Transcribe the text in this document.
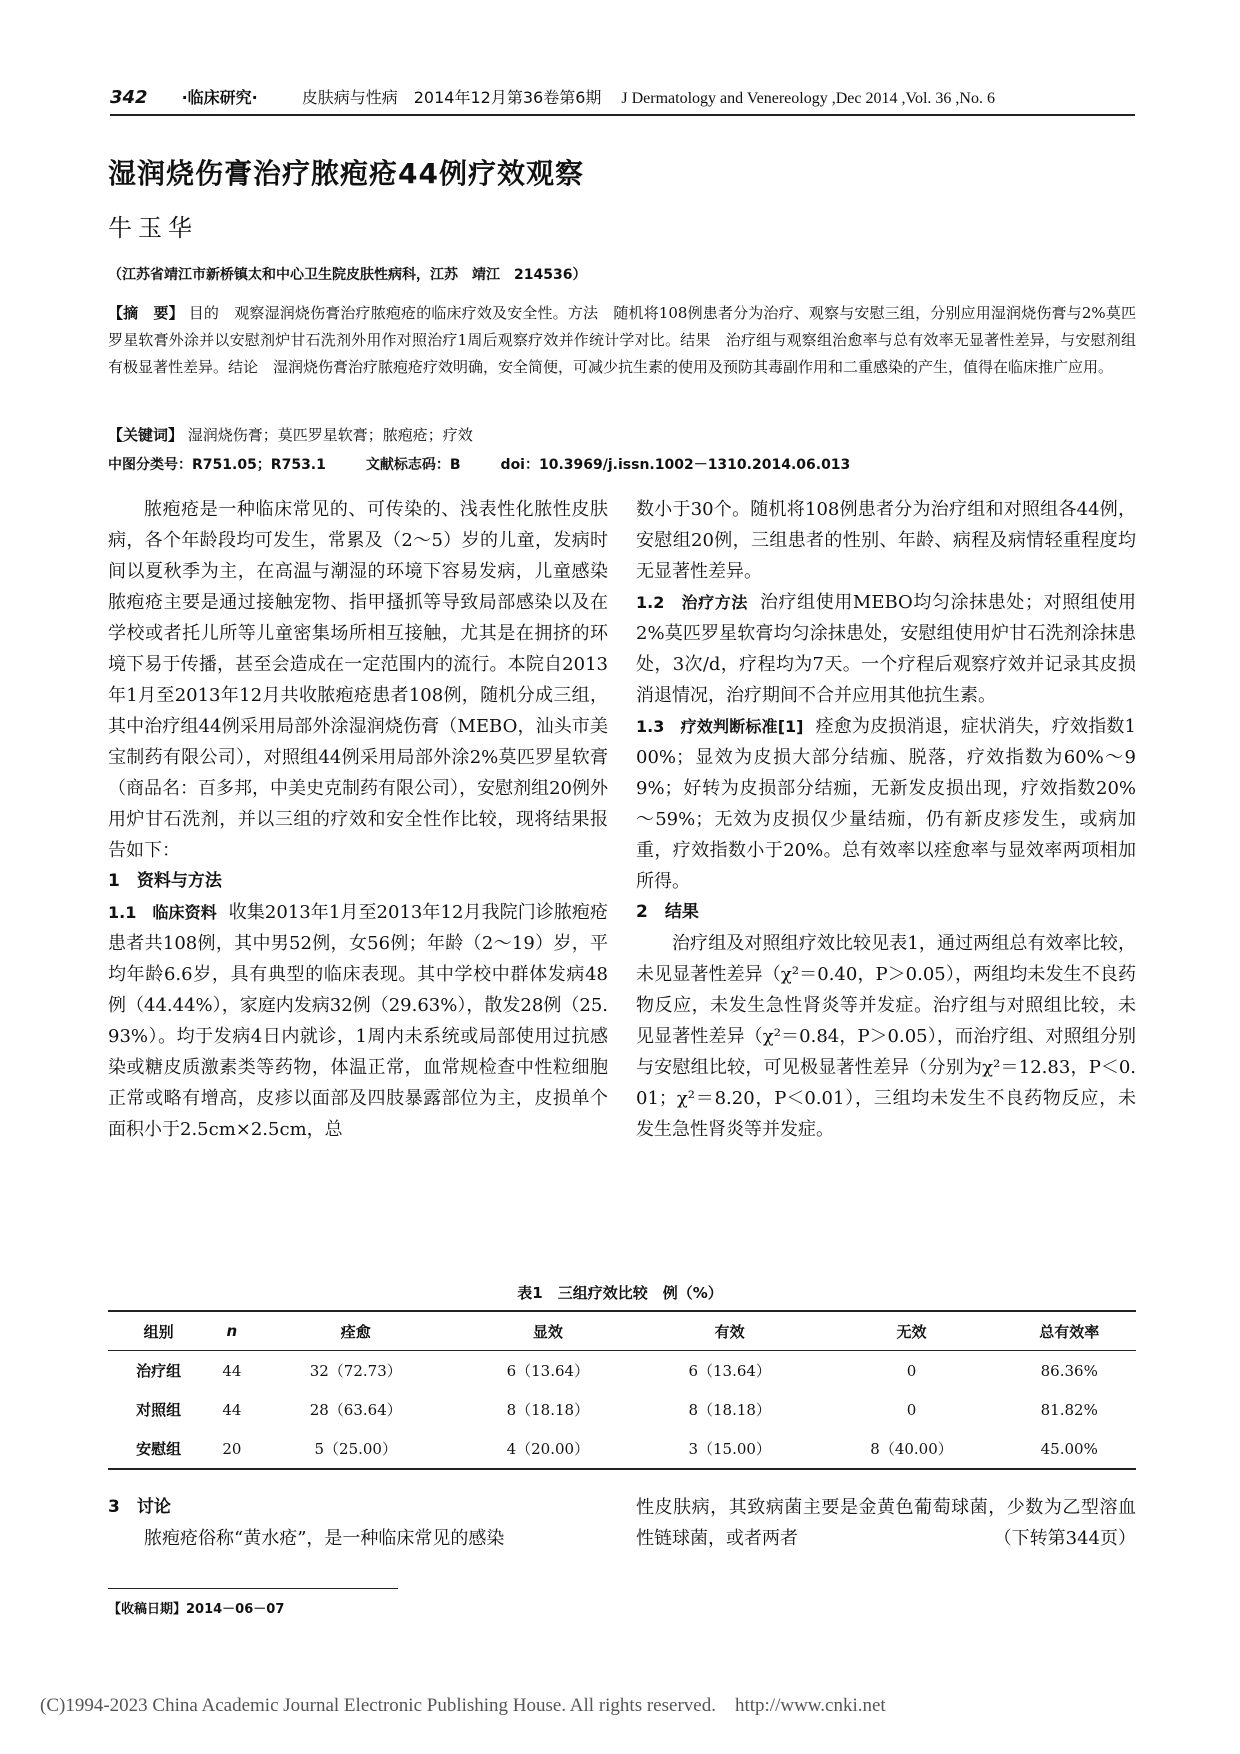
342 ·临床研究·	皮肤病与性病　2014年12月第36卷第6期 J Dermatology and Venereology ,Dec 2014 ,Vol. 36 ,No. 6
湿润烧伤膏治疗脓疱疮44例疗效观察
牛玉华
（江苏省靖江市新桥镇太和中心卫生院皮肤性病科，江苏　靖江　214536）
【摘　要】 目的　观察湿润烧伤膏治疗脓疱疮的临床疗效及安全性。方法　随机将108例患者分为治疗、观察与安慰三组，分别应用湿润烧伤膏与2%莫匹罗星软膏外涂并以安慰剂炉甘石洗剂外用作对照治疗1周后观察疗效并作统计学对比。结果　治疗组与观察组治愈率与总有效率无显著性差异，与安慰剂组有极显著性差异。结论　湿润烧伤膏治疗脓疱疮疗效明确，安全简便，可减少抗生素的使用及预防其毒副作用和二重感染的产生，值得在临床推广应用。
【关键词】 湿润烧伤膏；莫匹罗星软膏；脓疱疮；疗效
中图分类号：R751.05；R753.1	文献标志码：B	doi：10.3969/j.issn.1002－1310.2014.06.013

脓疱疮是一种临床常见的、可传染的、浅表性化脓性皮肤病，各个年龄段均可发生，常累及（2～5）岁的儿童，发病时间以夏秋季为主，在高温与潮湿的环境下容易发病，儿童感染脓疱疮主要是通过接触宠物、指甲搔抓等导致局部感染以及在学校或者托儿所等儿童密集场所相互接触，尤其是在拥挤的环境下易于传播，甚至会造成在一定范围内的流行。本院自2013年1月至2013年12月共收脓疱疮患者108例，随机分成三组，其中治疗组44例采用局部外涂湿润烧伤膏（MEBO，汕头市美宝制药有限公司），对照组44例采用局部外涂2%莫匹罗星软膏（商品名：百多邦，中美史克制药有限公司），安慰剂组20例外用炉甘石洗剂，并以三组的疗效和安全性作比较，现将结果报告如下：

1　资料与方法

1.1　临床资料 收集2013年1月至2013年12月我院门诊脓疱疮患者共108例，其中男52例，女56例；年龄（2～19）岁，平均年龄6.6岁，具有典型的临床表现。其中学校中群体发病48例（44.44%），家庭内发病32例（29.63%），散发28例（25.93%）。均于发病4日内就诊，1周内未系统或局部使用过抗感染或糖皮质激素类等药物，体温正常，血常规检查中性粒细胞正常或略有增高，皮疹以面部及四肢暴露部位为主，皮损单个面积小于2.5cm×2.5cm，总

数小于30个。随机将108例患者分为治疗组和对照组各44例，安慰组20例，三组患者的性别、年龄、病程及病情轻重程度均无显著性差异。

1.2　治疗方法 治疗组使用MEBO均匀涂抹患处；对照组使用2%莫匹罗星软膏均匀涂抹患处，安慰组使用炉甘石洗剂涂抹患处，3次/d，疗程均为7天。一个疗程后观察疗效并记录其皮损消退情况，治疗期间不合并应用其他抗生素。

1.3　疗效判断标准[1] 痊愈为皮损消退，症状消失，疗效指数100%；显效为皮损大部分结痂、脱落，疗效指数为60%～99%；好转为皮损部分结痂，无新发皮损出现，疗效指数20%～59%；无效为皮损仅少量结痂，仍有新皮疹发生，或病加重，疗效指数小于20%。总有效率以痊愈率与显效率两项相加所得。

2　结果

治疗组及对照组疗效比较见表1，通过两组总有效率比较，未见显著性差异（χ²＝0.40，P＞0.05），两组均未发生不良药物反应，未发生急性肾炎等并发症。治疗组与对照组比较，未见显著性差异（χ²＝0.84，P＞0.05），而治疗组、对照组分别与安慰组比较，可见极显著性差异（分别为χ²＝12.83，P＜0.01；χ²＝8.20，P＜0.01），三组均未发生不良药物反应，未发生急性肾炎等并发症。

表1　三组疗效比较　例（%）
组别	n	痊愈	显效	有效	无效	总有效率
治疗组	44	32（72.73）	6（13.64）	6（13.64）	0	86.36%
对照组	44	28（63.64）	8（18.18）	8（18.18）	0	81.82%
安慰组	20	5（25.00）	4（20.00）	3（15.00）	8（40.00）	45.00%

3　讨论

脓疱疮俗称“黄水疮”，是一种临床常见的感染

性皮肤病，其致病菌主要是金黄色葡萄球菌，少数为乙型溶血性链球菌，或者两者	（下转第344页）
【收稿日期】2014－06－07
(C)1994-2023 China Academic Journal Electronic Publishing House. All rights reserved.　http://www.cnki.net
